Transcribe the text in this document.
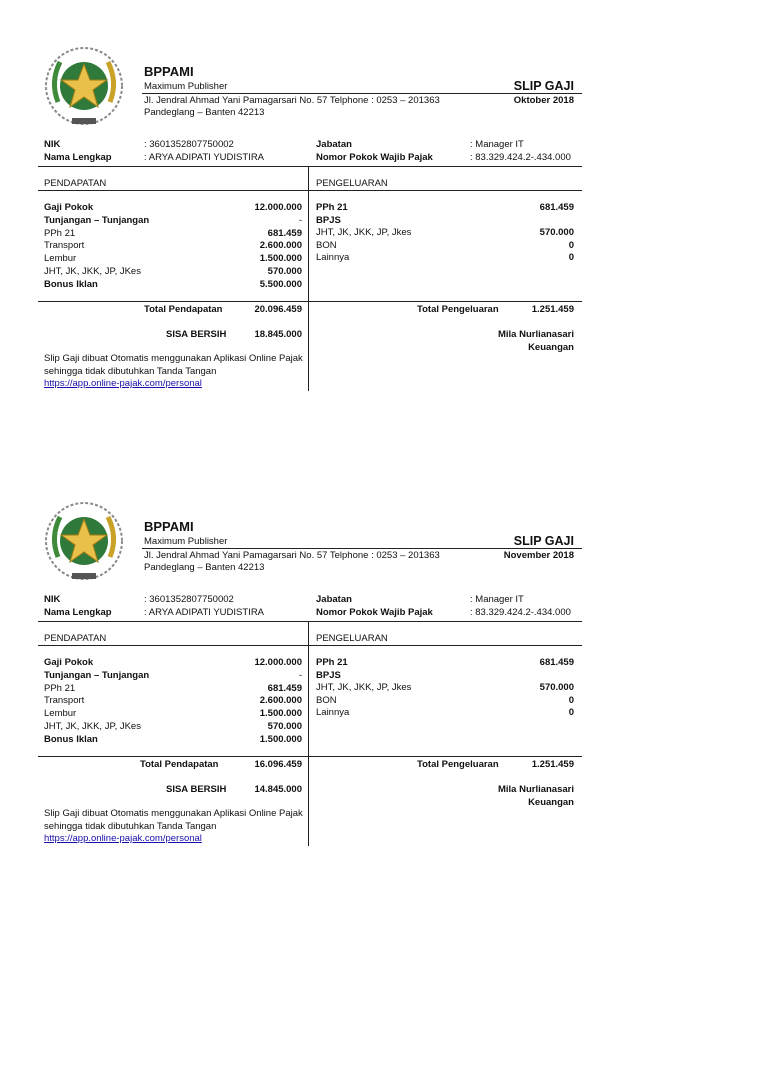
BPPAMI
Maximum Publisher	SLIP GAJI
Jl. Jendral Ahmad Yani Pamagarsari No. 57 Telphone : 0253 – 201363	Oktober 2018
Pandeglang – Banten 42213
NIK	: 3601352807750002	Jabatan	: Manager IT
Nama Lengkap	: ARYA ADIPATI YUDISTIRA	Nomor Pokok Wajib Pajak	: 83.329.424.2-.434.000
PENDAPATAN	PENGELUARAN
Gaji Pokok	12.000.000
Tunjangan – Tunjangan	-
PPh 21	681.459
Transport	2.600.000
Lembur	1.500.000
JHT, JK, JKK, JP, JKes	570.000
Bonus Iklan	5.500.000
PPh 21	681.459
BPJS
JHT, JK, JKK, JP, Jkes	570.000
BON	0
Lainnya	0
Total Pendapatan	20.096.459	Total Pengeluaran	1.251.459
SISA BERSIH	18.845.000	Mila Nurlianasari
Keuangan
Slip Gaji dibuat Otomatis menggunakan Aplikasi Online Pajak
sehingga tidak dibutuhkan Tanda Tangan
https://app.online-pajak.com/personal
BPPAMI
Maximum Publisher	SLIP GAJI
Jl. Jendral Ahmad Yani Pamagarsari No. 57 Telphone : 0253 – 201363	November 2018
Pandeglang – Banten 42213
NIK	: 3601352807750002	Jabatan	: Manager IT
Nama Lengkap	: ARYA ADIPATI YUDISTIRA	Nomor Pokok Wajib Pajak	: 83.329.424.2-.434.000
PENDAPATAN	PENGELUARAN
Gaji Pokok	12.000.000
Tunjangan – Tunjangan	-
PPh 21	681.459
Transport	2.600.000
Lembur	1.500.000
JHT, JK, JKK, JP, JKes	570.000
Bonus Iklan	1.500.000
PPh 21	681.459
BPJS
JHT, JK, JKK, JP, Jkes	570.000
BON	0
Lainnya	0
Total Pendapatan	16.096.459	Total Pengeluaran	1.251.459
SISA BERSIH	14.845.000	Mila Nurlianasari
Keuangan
Slip Gaji dibuat Otomatis menggunakan Aplikasi Online Pajak
sehingga tidak dibutuhkan Tanda Tangan
https://app.online-pajak.com/personal
